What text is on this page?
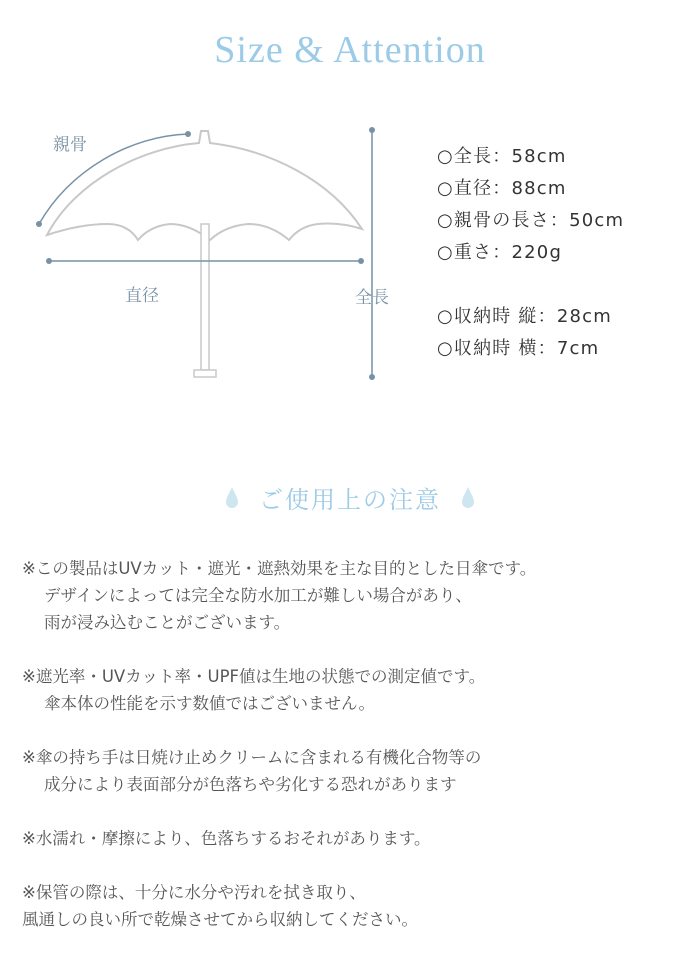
Size & Attention
親骨
直径	全長
○全長：58cm
○直径：88cm
○親骨の長さ：50cm
○重さ：220g
○収納時 縦：28cm
○収納時 横：7cm
ご使用上の注意
※この製品はUVカット・遮光・遮熱効果を主な目的とした日傘です。
デザインによっては完全な防水加工が難しい場合があり、
雨が浸み込むことがございます。
※遮光率・UVカット率・UPF値は生地の状態での測定値です。
傘本体の性能を示す数値ではございません。
※傘の持ち手は日焼け止めクリームに含まれる有機化合物等の
成分により表面部分が色落ちや劣化する恐れがあります
※水濡れ・摩擦により、色落ちするおそれがあります。
※保管の際は、十分に水分や汚れを拭き取り、
風通しの良い所で乾燥させてから収納してください。
